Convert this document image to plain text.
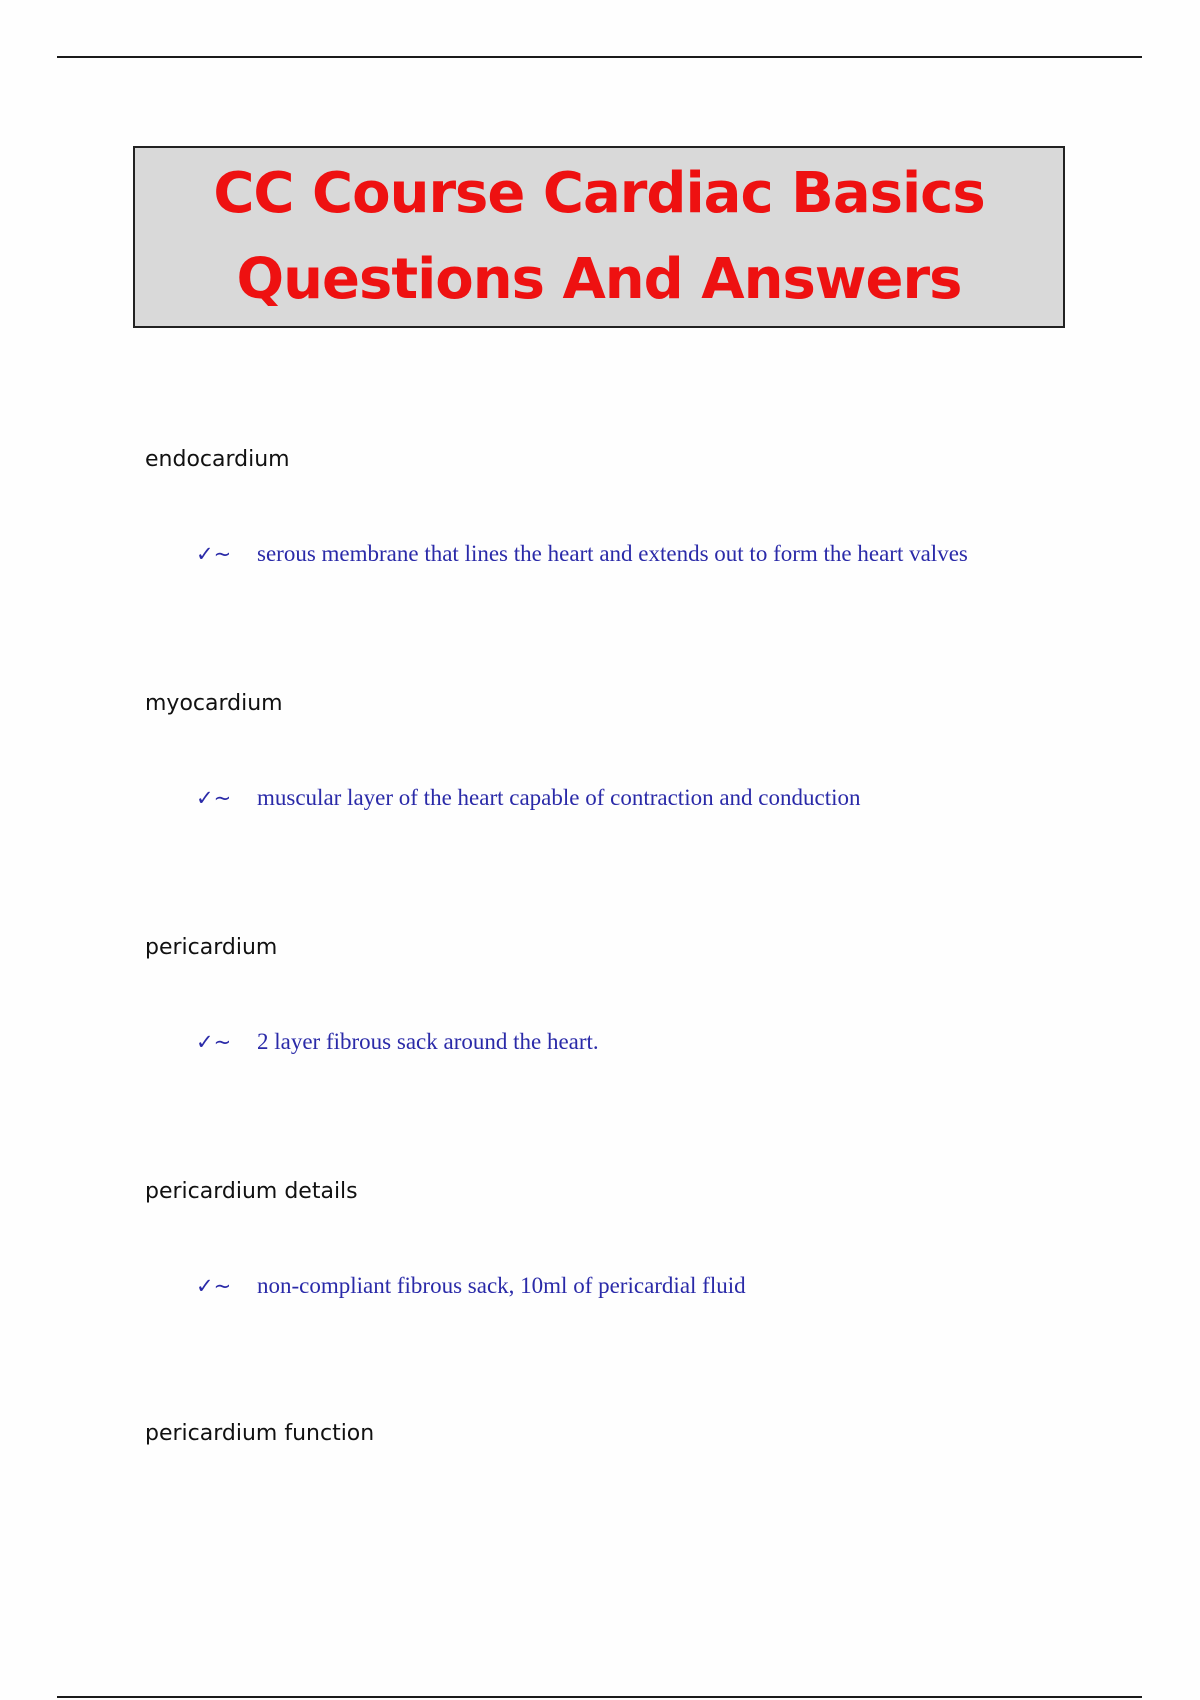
CC Course Cardiac Basics
Questions And Answers
endocardium
✓~	serous membrane that lines the heart and extends out to form the heart valves
myocardium
✓~	muscular layer of the heart capable of contraction and conduction
pericardium
✓~	2 layer fibrous sack around the heart.
pericardium details
✓~	non-compliant fibrous sack, 10ml of pericardial fluid
pericardium function
